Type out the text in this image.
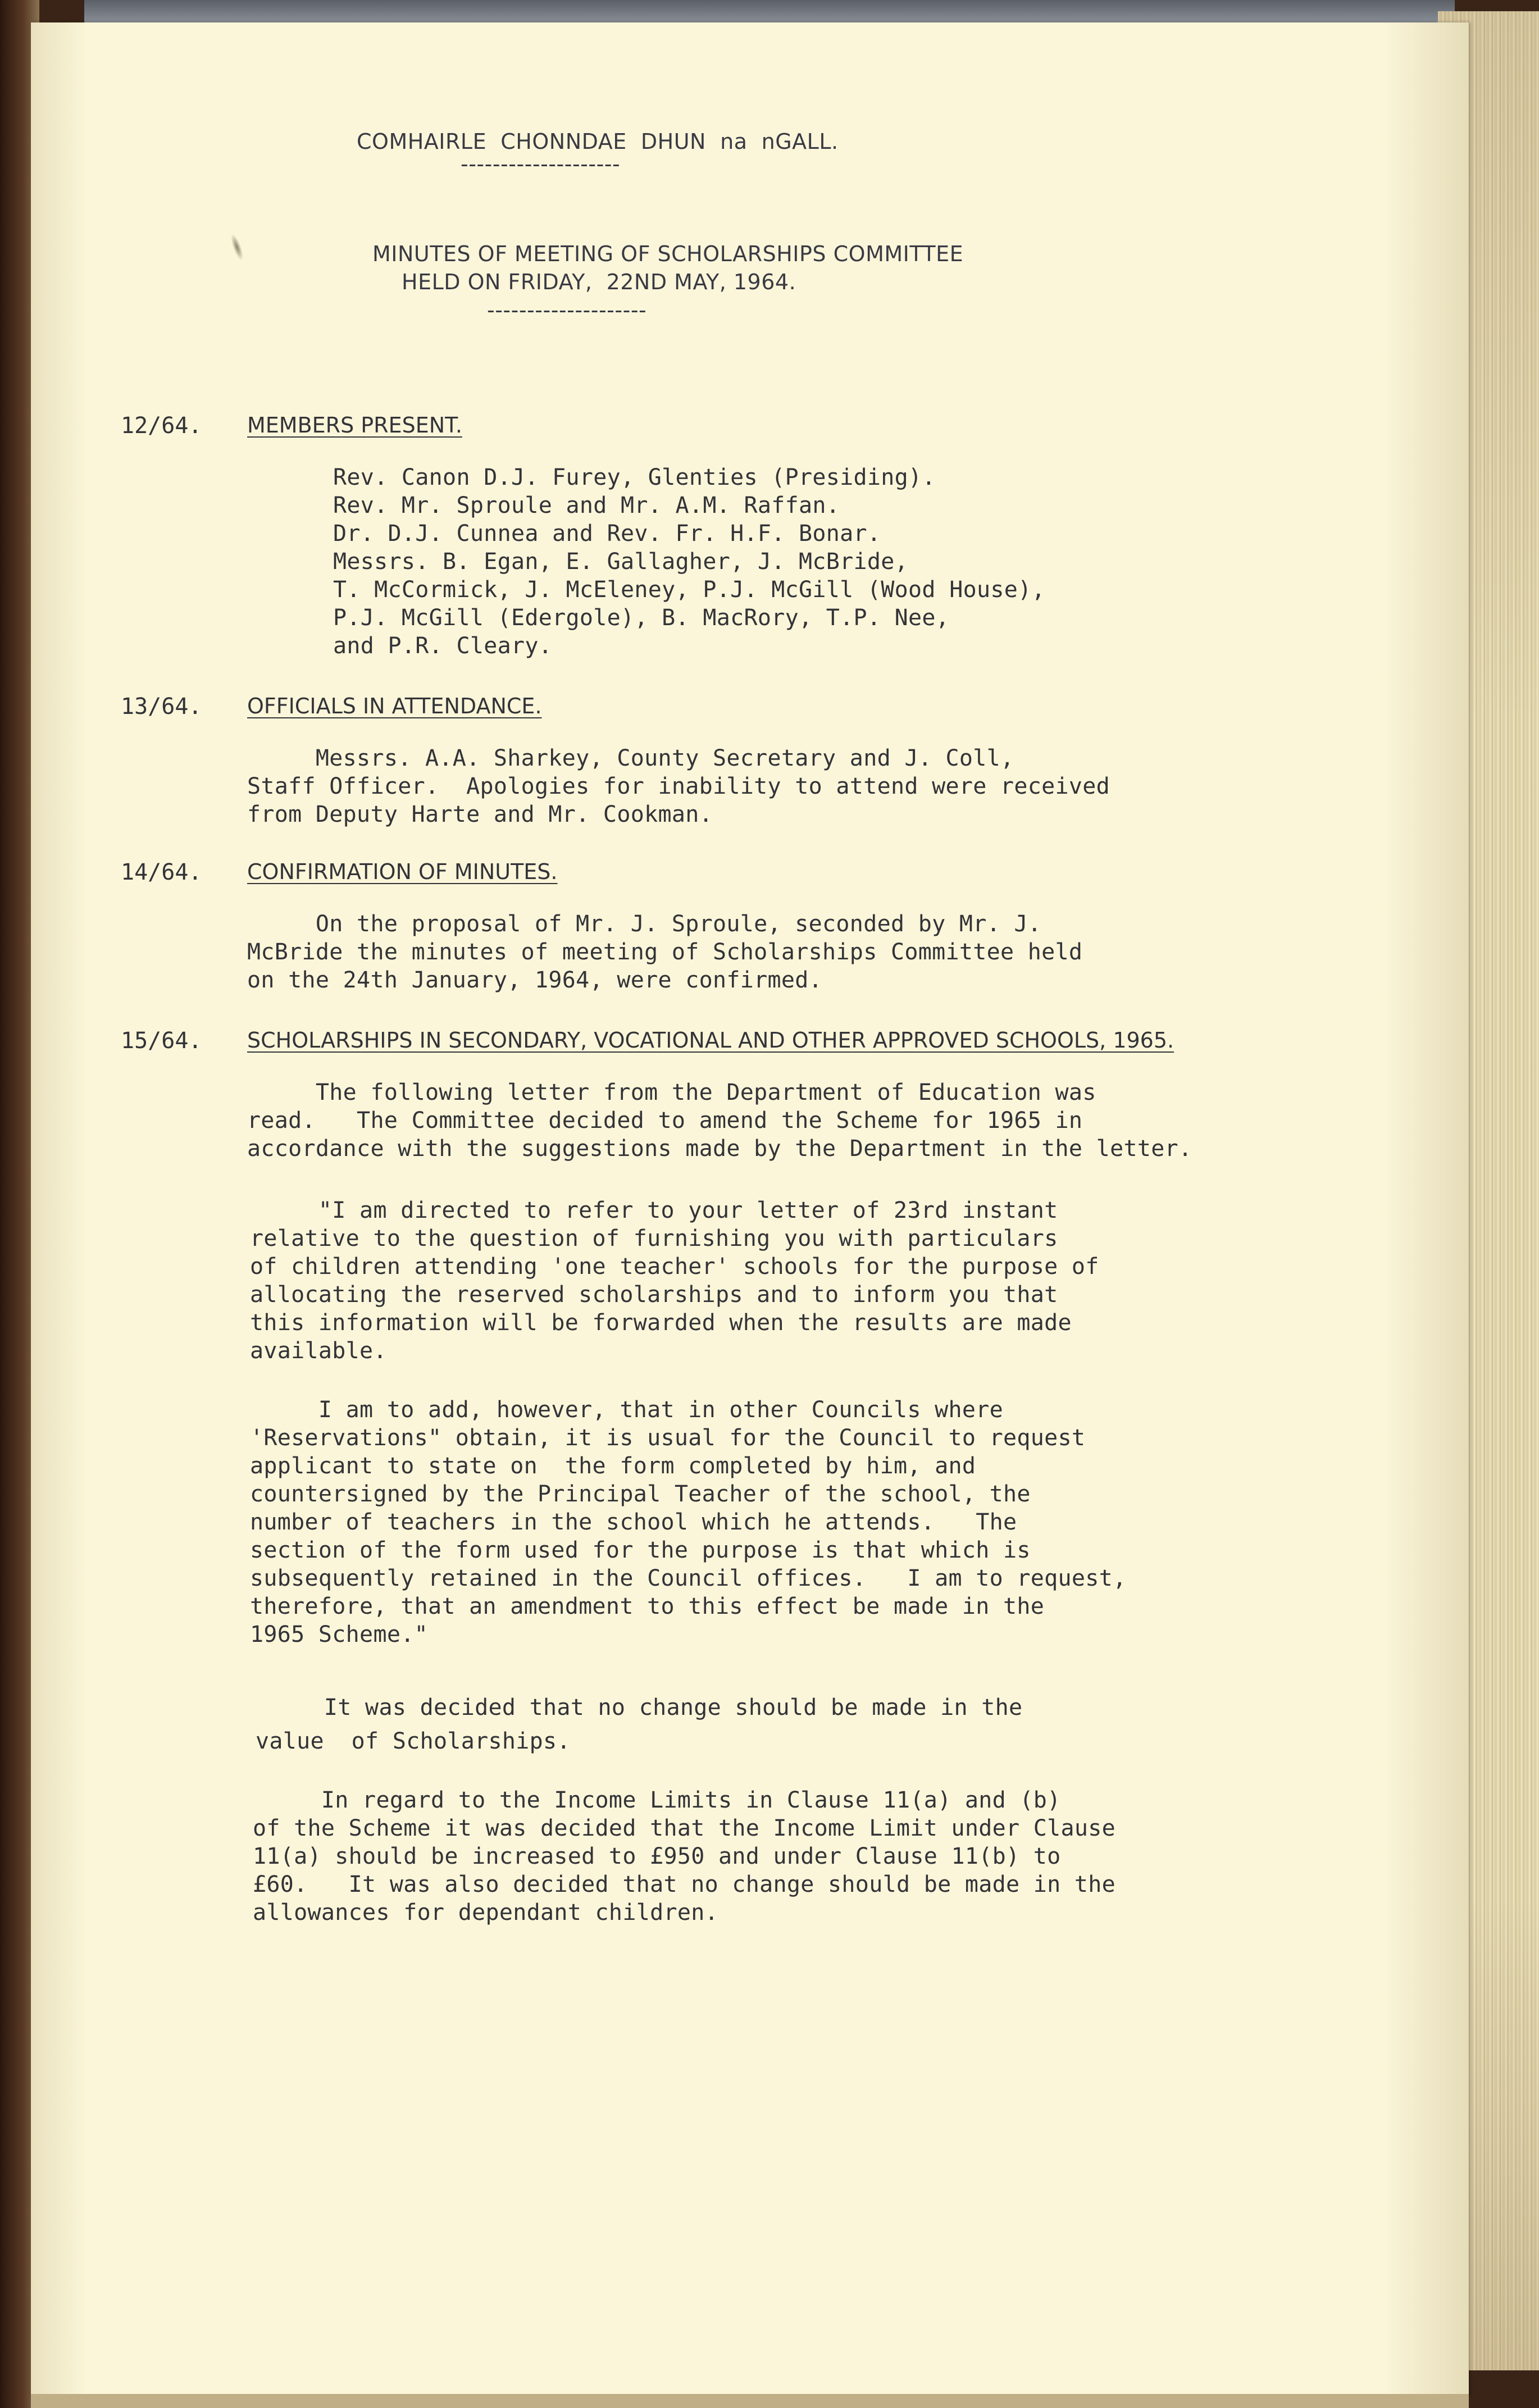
COMHAIRLE  CHONNDAE  DHUN  na  nGALL.
--------------------
MINUTES OF MEETING OF SCHOLARSHIPS COMMITTEE
HELD ON FRIDAY,  22ND MAY, 1964.
--------------------
12/64. MEMBERS PRESENT.
Rev. Canon D.J. Furey, Glenties (Presiding).
Rev. Mr. Sproule and Mr. A.M. Raffan.
Dr. D.J. Cunnea and Rev. Fr. H.F. Bonar.
Messrs. B. Egan, E. Gallagher, J. McBride,
T. McCormick, J. McEleney, P.J. McGill (Wood House),
P.J. McGill (Edergole), B. MacRory, T.P. Nee,
and P.R. Cleary.
13/64. OFFICIALS IN ATTENDANCE.
Messrs. A.A. Sharkey, County Secretary and J. Coll,
Staff Officer.  Apologies for inability to attend were received
from Deputy Harte and Mr. Cookman.
14/64. CONFIRMATION OF MINUTES.
On the proposal of Mr. J. Sproule, seconded by Mr. J.
McBride the minutes of meeting of Scholarships Committee held
on the 24th January, 1964, were confirmed.
15/64. SCHOLARSHIPS IN SECONDARY, VOCATIONAL AND OTHER APPROVED SCHOOLS, 1965.
The following letter from the Department of Education was
read.   The Committee decided to amend the Scheme for 1965 in
accordance with the suggestions made by the Department in the letter.
"I am directed to refer to your letter of 23rd instant
relative to the question of furnishing you with particulars
of children attending 'one teacher' schools for the purpose of
allocating the reserved scholarships and to inform you that
this information will be forwarded when the results are made
available.
I am to add, however, that in other Councils where
'Reservations" obtain, it is usual for the Council to request
applicant to state on  the form completed by him, and
countersigned by the Principal Teacher of the school, the
number of teachers in the school which he attends.   The
section of the form used for the purpose is that which is
subsequently retained in the Council offices.   I am to request,
therefore, that an amendment to this effect be made in the
1965 Scheme."
It was decided that no change should be made in the
value  of Scholarships.
In regard to the Income Limits in Clause 11(a) and (b)
of the Scheme it was decided that the Income Limit under Clause
11(a) should be increased to £950 and under Clause 11(b) to
£60.   It was also decided that no change should be made in the
allowances for dependant children.
